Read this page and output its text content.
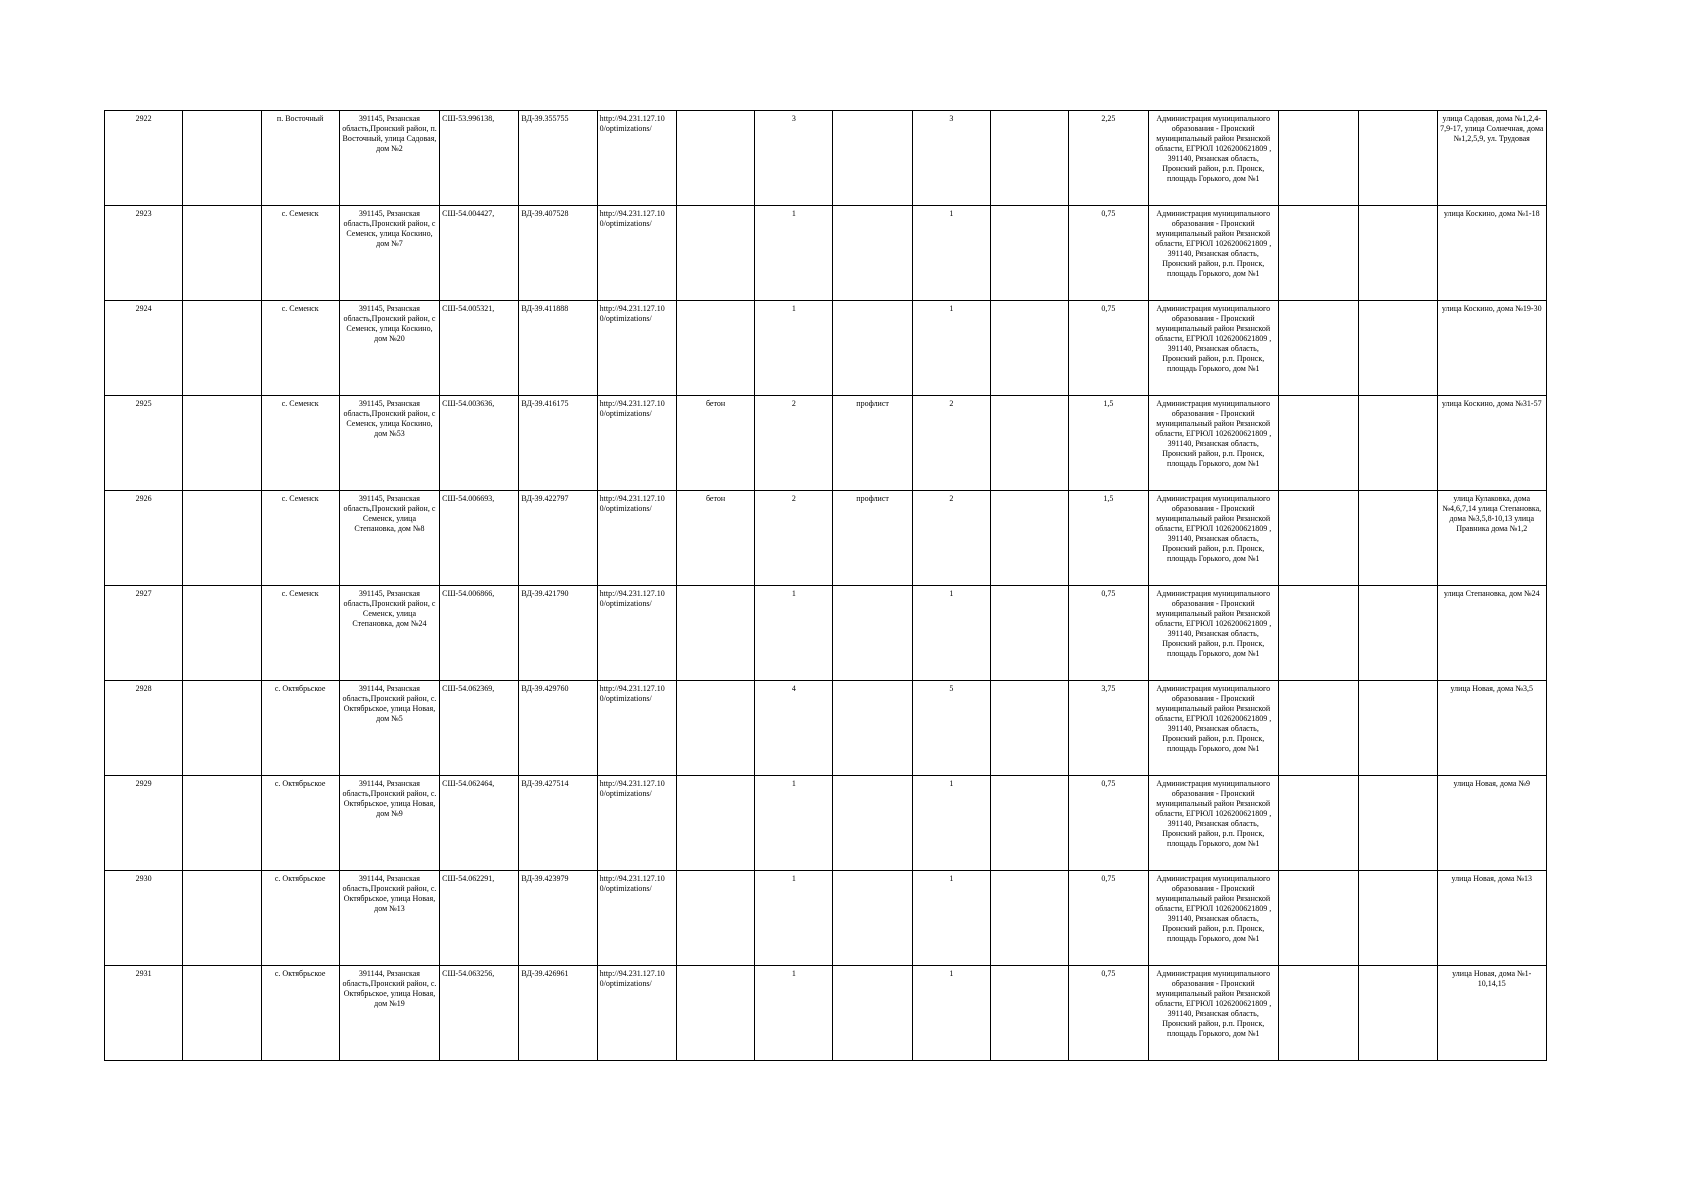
2922		п. Восточный	391145, Рязанская область,Пронский район, п. Восточный, улица Садовая, дом №2	СШ-53.996138,	ВД-39.355755	http://94.231.127.10 0/optimizations/		3		3		2,25	Администрация муниципального образования - Пронский муниципальный район Рязанской области, ЕГРЮЛ 1026200621809 , 391140, Рязанская область, Пронский район, р.п. Пронск, площадь Горького, дом №1			улица Садовая, дома №1,2,4-7,9-17, улица Солнечная, дома №1,2,5,9, ул. Трудовая
2923		с. Семенск	391145, Рязанская область,Пронский район, с Семенск, улица Коскино, дом №7	СШ-54.004427,	ВД-39.407528	http://94.231.127.10 0/optimizations/		1		1		0,75	Администрация муниципального образования - Пронский муниципальный район Рязанской области, ЕГРЮЛ 1026200621809 , 391140, Рязанская область, Пронский район, р.п. Пронск, площадь Горького, дом №1			улица Коскино, дома №1-18
2924		с. Семенск	391145, Рязанская область,Пронский район, с Семенск, улица Коскино, дом №20	СШ-54.005321,	ВД-39.411888	http://94.231.127.10 0/optimizations/		1		1		0,75	Администрация муниципального образования - Пронский муниципальный район Рязанской области, ЕГРЮЛ 1026200621809 , 391140, Рязанская область, Пронский район, р.п. Пронск, площадь Горького, дом №1			улица Коскино, дома №19-30
2925		с. Семенск	391145, Рязанская область,Пронский район, с Семенск, улица Коскино, дом №53	СШ-54.003636,	ВД-39.416175	http://94.231.127.10 0/optimizations/	бетон	2	профлист	2		1,5	Администрация муниципального образования - Пронский муниципальный район Рязанской области, ЕГРЮЛ 1026200621809 , 391140, Рязанская область, Пронский район, р.п. Пронск, площадь Горького, дом №1			улица Коскино, дома №31-57
2926		с. Семенск	391145, Рязанская область,Пронский район, с Семенск, улица Степановка, дом №8	СШ-54.006693,	ВД-39.422797	http://94.231.127.10 0/optimizations/	бетон	2	профлист	2		1,5	Администрация муниципального образования - Пронский муниципальный район Рязанской области, ЕГРЮЛ 1026200621809 , 391140, Рязанская область, Пронский район, р.п. Пронск, площадь Горького, дом №1			улица Кулаковка, дома №4,6,7,14 улица Степановка, дома №3,5,8-10,13 улица Правника дома №1,2
2927		с. Семенск	391145, Рязанская область,Пронский район, с Семенск, улица Степановка, дом №24	СШ-54.006866,	ВД-39.421790	http://94.231.127.10 0/optimizations/		1		1		0,75	Администрация муниципального образования - Пронский муниципальный район Рязанской области, ЕГРЮЛ 1026200621809 , 391140, Рязанская область, Пронский район, р.п. Пронск, площадь Горького, дом №1			улица Степановка, дом №24
2928		с. Октябрьское	391144, Рязанская область,Пронский район, с. Октябрьское, улица Новая, дом №5	СШ-54.062369,	ВД-39.429760	http://94.231.127.10 0/optimizations/		4		5		3,75	Администрация муниципального образования - Пронский муниципальный район Рязанской области, ЕГРЮЛ 1026200621809 , 391140, Рязанская область, Пронский район, р.п. Пронск, площадь Горького, дом №1			улица Новая, дома №3,5
2929		с. Октябрьское	391144, Рязанская область,Пронский район, с. Октябрьское, улица Новая, дом №9	СШ-54.062464,	ВД-39.427514	http://94.231.127.10 0/optimizations/		1		1		0,75	Администрация муниципального образования - Пронский муниципальный район Рязанской области, ЕГРЮЛ 1026200621809 , 391140, Рязанская область, Пронский район, р.п. Пронск, площадь Горького, дом №1			улица Новая, дома №9
2930		с. Октябрьское	391144, Рязанская область,Пронский район, с. Октябрьское, улица Новая, дом №13	СШ-54.062291,	ВД-39.423979	http://94.231.127.10 0/optimizations/		1		1		0,75	Администрация муниципального образования - Пронский муниципальный район Рязанской области, ЕГРЮЛ 1026200621809 , 391140, Рязанская область, Пронский район, р.п. Пронск, площадь Горького, дом №1			улица Новая, дома №13
2931		с. Октябрьское	391144, Рязанская область,Пронский район, с. Октябрьское, улица Новая, дом №19	СШ-54.063256,	ВД-39.426961	http://94.231.127.10 0/optimizations/		1		1		0,75	Администрация муниципального образования - Пронский муниципальный район Рязанской области, ЕГРЮЛ 1026200621809 , 391140, Рязанская область, Пронский район, р.п. Пронск, площадь Горького, дом №1			улица Новая, дома №1-10,14,15
